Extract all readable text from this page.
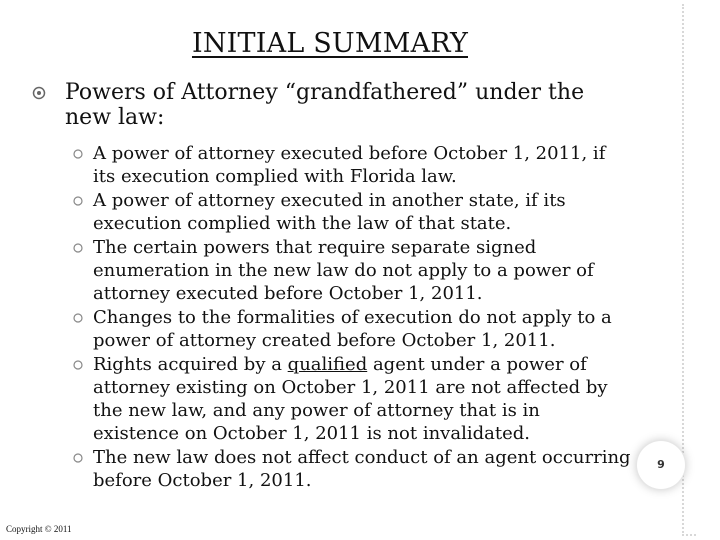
INITIAL SUMMARY
Powers of Attorney “grandfathered” under the new law:
A power of attorney executed before October 1, 2011, if its execution complied with Florida law.
A power of attorney executed in another state, if its execution complied with the law of that state.
The certain powers that require separate signed enumeration in the new law do not apply to a power of attorney executed before October 1, 2011.
Changes to the formalities of execution do not apply to a power of attorney created before October 1, 2011.
Rights acquired by a qualified agent under a power of attorney existing on October 1, 2011 are not affected by the new law, and any power of attorney that is in existence on October 1, 2011 is not invalidated.
The new law does not affect conduct of an agent occurring before October 1, 2011.
9
Copyright © 2011
